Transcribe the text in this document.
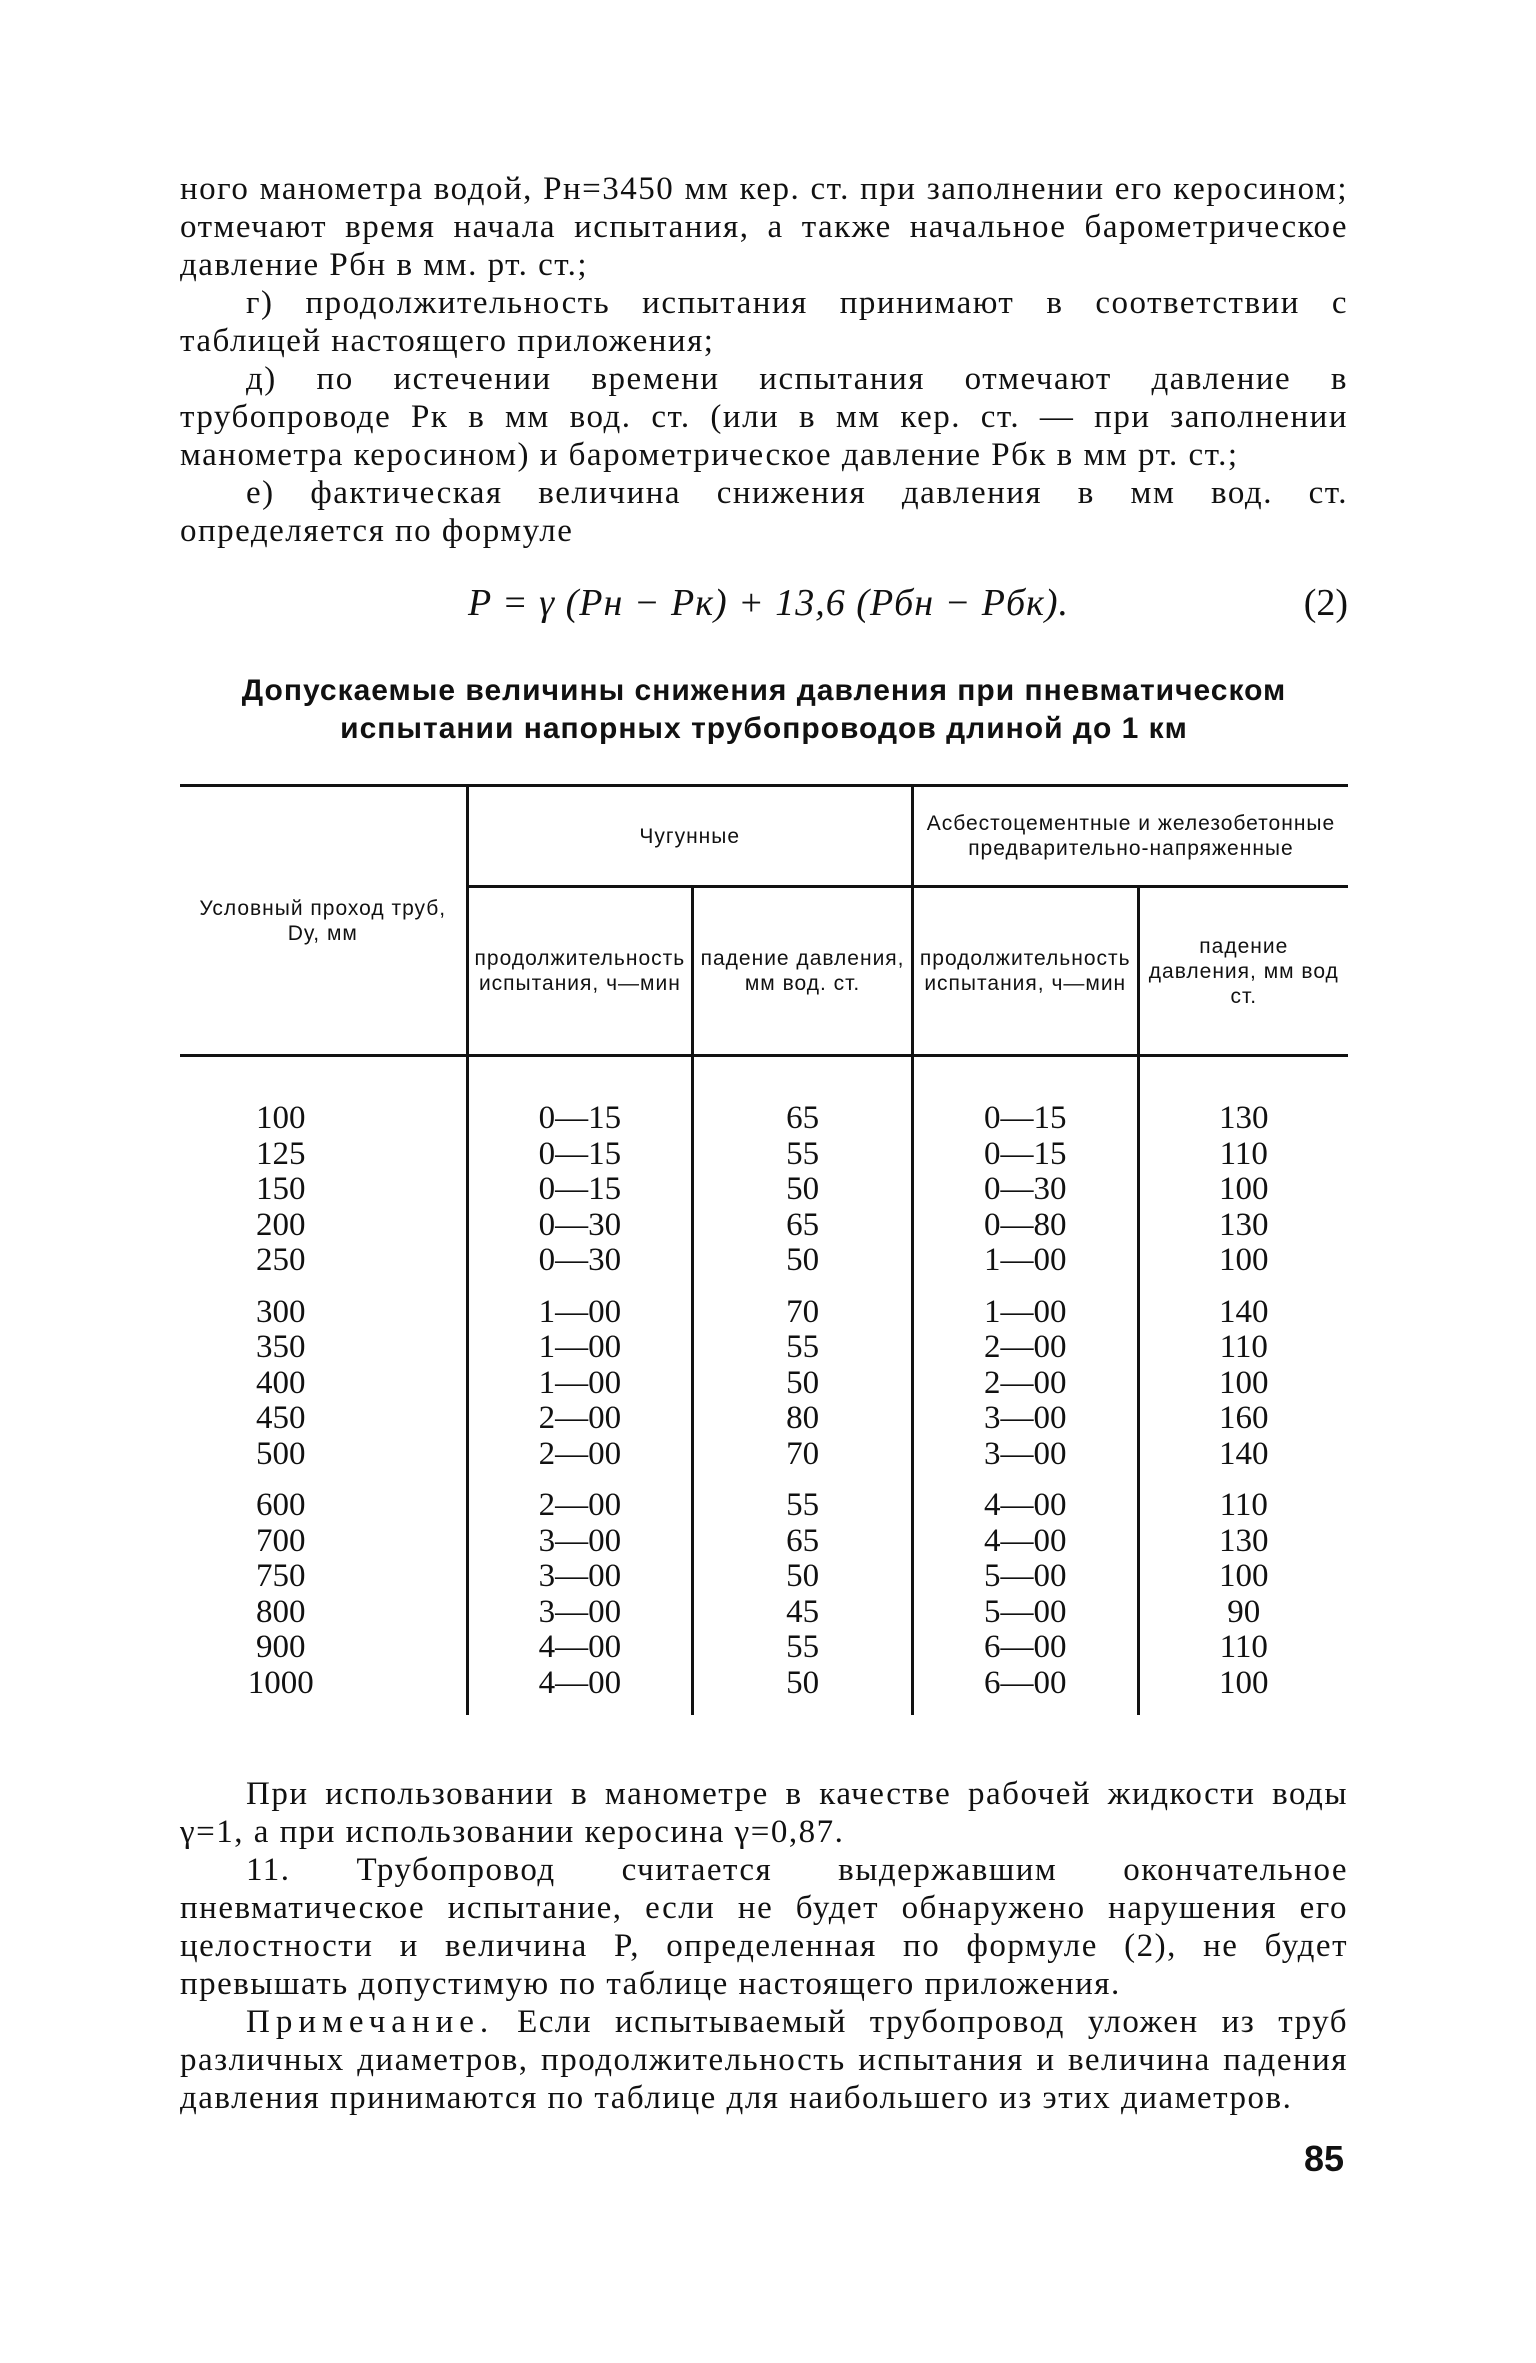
ного манометра водой, Pн=3450 мм кер. ст. при заполнении его керосином; отмечают время начала испытания, а также начальное барометрическое давление Pбн в мм. рт. ст.;

г) продолжительность испытания принимают в соответствии с таблицей настоящего приложения;

д) по истечении времени испытания отмечают давление в трубопроводе Pк в мм вод. ст. (или в мм кер. ст. — при заполнении манометра керосином) и барометрическое давление Pбк в мм рт. ст.;

е) фактическая величина снижения давления в мм вод. ст. определяется по формуле

P = γ (Pн − Pк) + 13,6 (Pбн − Pбк).	(2)
Допускаемые величины снижения давления при пневматическом испытании напорных трубопроводов длиной до 1 км
Условный проход труб, Dу, мм	Чугунные		Асбестоцементные и железобетонные предварительно-напряженные	
	продолжительность испытания, ч—мин	падение давления, мм вод. ст.	продолжительность испытания, ч—мин	падение давления, мм вод ст.
100	0—15	65	0—15	130
125	0—15	55	0—15	110
150	0—15	50	0—30	100
200	0—30	65	0—80	130
250	0—30	50	1—00	100
300	1—00	70	1—00	140
350	1—00	55	2—00	110
400	1—00	50	2—00	100
450	2—00	80	3—00	160
500	2—00	70	3—00	140
600	2—00	55	4—00	110
700	3—00	65	4—00	130
750	3—00	50	5—00	100
800	3—00	45	5—00	90
900	4—00	55	6—00	110
1000	4—00	50	6—00	100

При использовании в манометре в качестве рабочей жидкости воды γ=1, а при использовании керосина γ=0,87.

11. Трубопровод считается выдержавшим окончательное пневматическое испытание, если не будет обнаружено нарушения его целостности и величина P, определенная по формуле (2), не будет превышать допустимую по таблице настоящего приложения.

Примечание. Если испытываемый трубопровод уложен из труб различных диаметров, продолжительность испытания и величина падения давления принимаются по таблице для наибольшего из этих диаметров.

85
